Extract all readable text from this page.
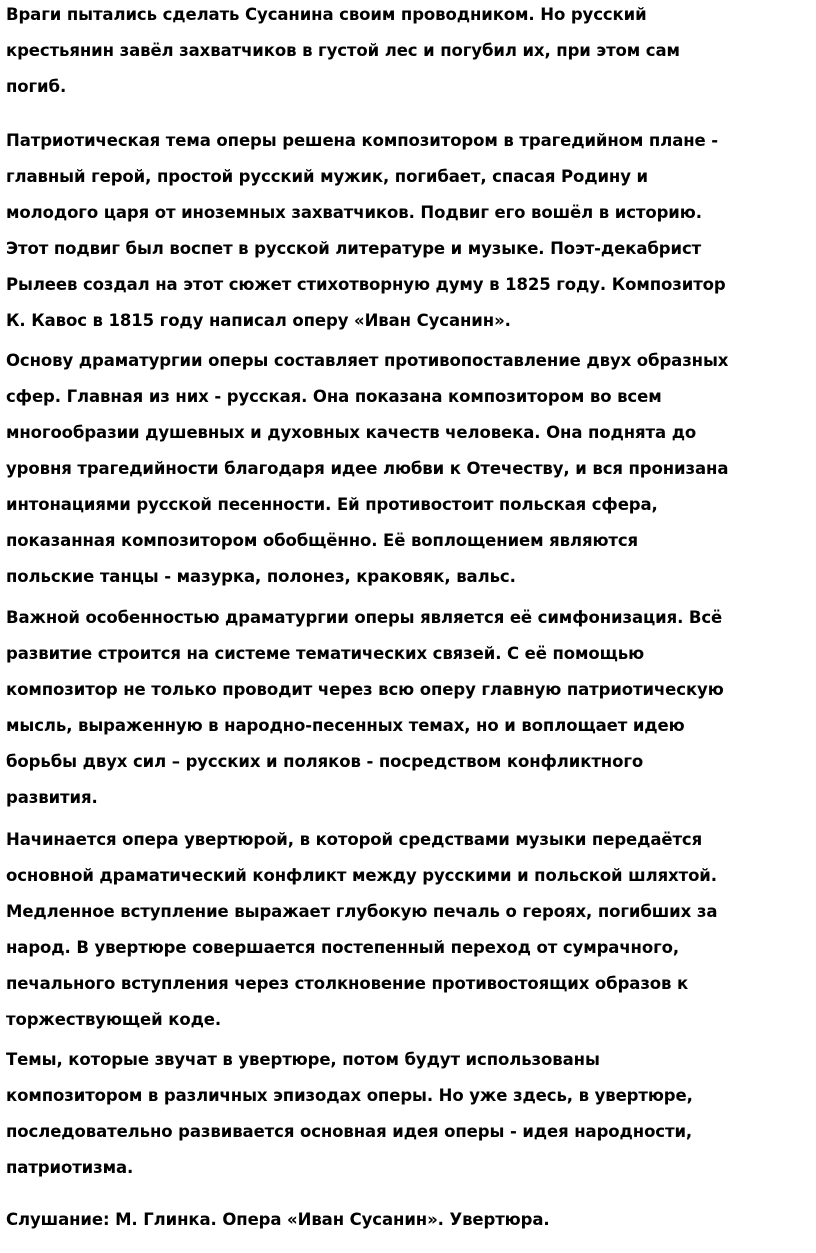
Враги пытались сделать Сусанина своим проводником. Но русский
крестьянин завёл захватчиков в густой лес и погубил их, при этом сам
погиб.

Патриотическая тема оперы решена композитором в трагедийном плане -
главный герой, простой русский мужик, погибает, спасая Родину и
молодого царя от иноземных захватчиков. Подвиг его вошёл в историю.
Этот подвиг был воспет в русской литературе и музыке. Поэт-декабрист
Рылеев создал на этот сюжет стихотворную думу в 1825 году. Композитор
К. Кавос в 1815 году написал оперу «Иван Сусанин».

Основу драматургии оперы составляет противопоставление двух образных
сфер. Главная из них - русская. Она показана композитором во всем
многообразии душевных и духовных качеств человека. Она поднята до
уровня трагедийности благодаря идее любви к Отечеству, и вся пронизана
интонациями русской песенности. Ей противостоит польская сфера,
показанная композитором обобщённо. Её воплощением являются
польские танцы - мазурка, полонез, краковяк, вальс.

Важной особенностью драматургии оперы является её симфонизация. Всё
развитие строится на системе тематических связей. С её помощью
композитор не только проводит через всю оперу главную патриотическую
мысль, выраженную в народно-песенных темах, но и воплощает идею
борьбы двух сил – русских и поляков - посредством конфликтного
развития.

Начинается опера увертюрой, в которой средствами музыки передаётся
основной драматический конфликт между русскими и польской шляхтой.
Медленное вступление выражает глубокую печаль о героях, погибших за
народ. В увертюре совершается постепенный переход от сумрачного,
печального вступления через столкновение противостоящих образов к
торжествующей коде.

Темы, которые звучат в увертюре, потом будут использованы
композитором в различных эпизодах оперы. Но уже здесь, в увертюре,
последовательно развивается основная идея оперы - идея народности,
патриотизма.

Слушание: М. Глинка. Опера «Иван Сусанин». Увертюра.
